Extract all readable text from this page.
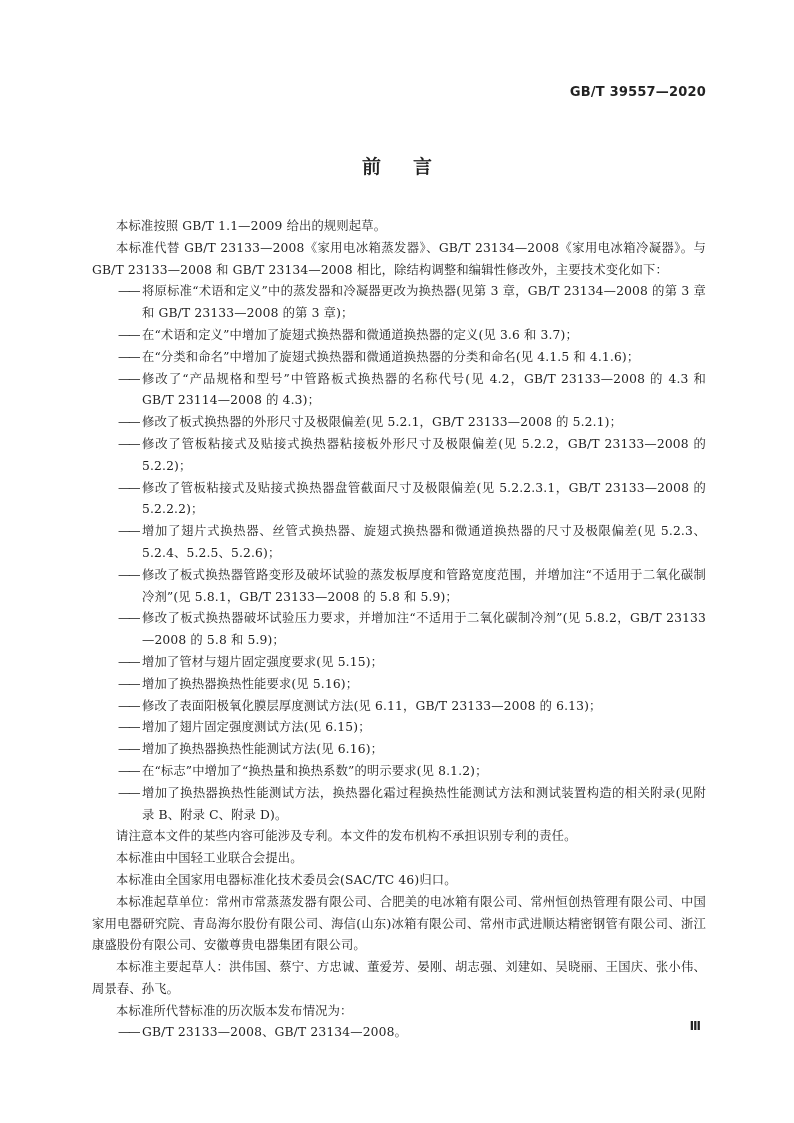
GB/T 39557—2020
前言

本标准按照 GB/T 1.1—2009 给出的规则起草。

本标准代替 GB/T 23133—2008《家用电冰箱蒸发器》、GB/T 23134—2008《家用电冰箱冷凝器》。与 GB/T 23133—2008 和 GB/T 23134—2008 相比，除结构调整和编辑性修改外，主要技术变化如下：

—— 将原标准“术语和定义”中的蒸发器和冷凝器更改为换热器(见第 3 章，GB/T 23134—2008 的第 3 章和 GB/T 23133—2008 的第 3 章)；

—— 在“术语和定义”中增加了旋翅式换热器和微通道换热器的定义(见 3.6 和 3.7)；

—— 在“分类和命名”中增加了旋翅式换热器和微通道换热器的分类和命名(见 4.1.5 和 4.1.6)；

—— 修改了“产品规格和型号”中管路板式换热器的名称代号(见 4.2，GB/T 23133—2008 的 4.3 和 GB/T 23114—2008 的 4.3)；

—— 修改了板式换热器的外形尺寸及极限偏差(见 5.2.1，GB/T 23133—2008 的 5.2.1)；

—— 修改了管板粘接式及贴接式换热器粘接板外形尺寸及极限偏差(见 5.2.2，GB/T 23133—2008 的 5.2.2)；

—— 修改了管板粘接式及贴接式换热器盘管截面尺寸及极限偏差(见 5.2.2.3.1，GB/T 23133—2008 的 5.2.2.2)；

—— 增加了翅片式换热器、丝管式换热器、旋翅式换热器和微通道换热器的尺寸及极限偏差(见 5.2.3、5.2.4、5.2.5、5.2.6)；

—— 修改了板式换热器管路变形及破坏试验的蒸发板厚度和管路宽度范围，并增加注“不适用于二氧化碳制冷剂”(见 5.8.1，GB/T 23133—2008 的 5.8 和 5.9)；

—— 修改了板式换热器破坏试验压力要求，并增加注“不适用于二氧化碳制冷剂”(见 5.8.2，GB/T 23133—2008 的 5.8 和 5.9)；

—— 增加了管材与翅片固定强度要求(见 5.15)；

—— 增加了换热器换热性能要求(见 5.16)；

—— 修改了表面阳极氧化膜层厚度测试方法(见 6.11，GB/T 23133—2008 的 6.13)；

—— 增加了翅片固定强度测试方法(见 6.15)；

—— 增加了换热器换热性能测试方法(见 6.16)；

—— 在“标志”中增加了“换热量和换热系数”的明示要求(见 8.1.2)；

—— 增加了换热器换热性能测试方法，换热器化霜过程换热性能测试方法和测试装置构造的相关附录(见附录 B、附录 C、附录 D)。

请注意本文件的某些内容可能涉及专利。本文件的发布机构不承担识别专利的责任。

本标准由中国轻工业联合会提出。

本标准由全国家用电器标准化技术委员会(SAC/TC 46)归口。

本标准起草单位：常州市常蒸蒸发器有限公司、合肥美的电冰箱有限公司、常州恒创热管理有限公司、中国家用电器研究院、青岛海尔股份有限公司、海信(山东)冰箱有限公司、常州市武进顺达精密钢管有限公司、浙江康盛股份有限公司、安徽尊贵电器集团有限公司。

本标准主要起草人：洪伟国、蔡宁、方忠诚、董爱芳、晏刚、胡志强、刘建如、吴晓丽、王国庆、张小伟、周景春、孙飞。

本标准所代替标准的历次版本发布情况为：

—— GB/T 23133—2008、GB/T 23134—2008。	Ⅲ
